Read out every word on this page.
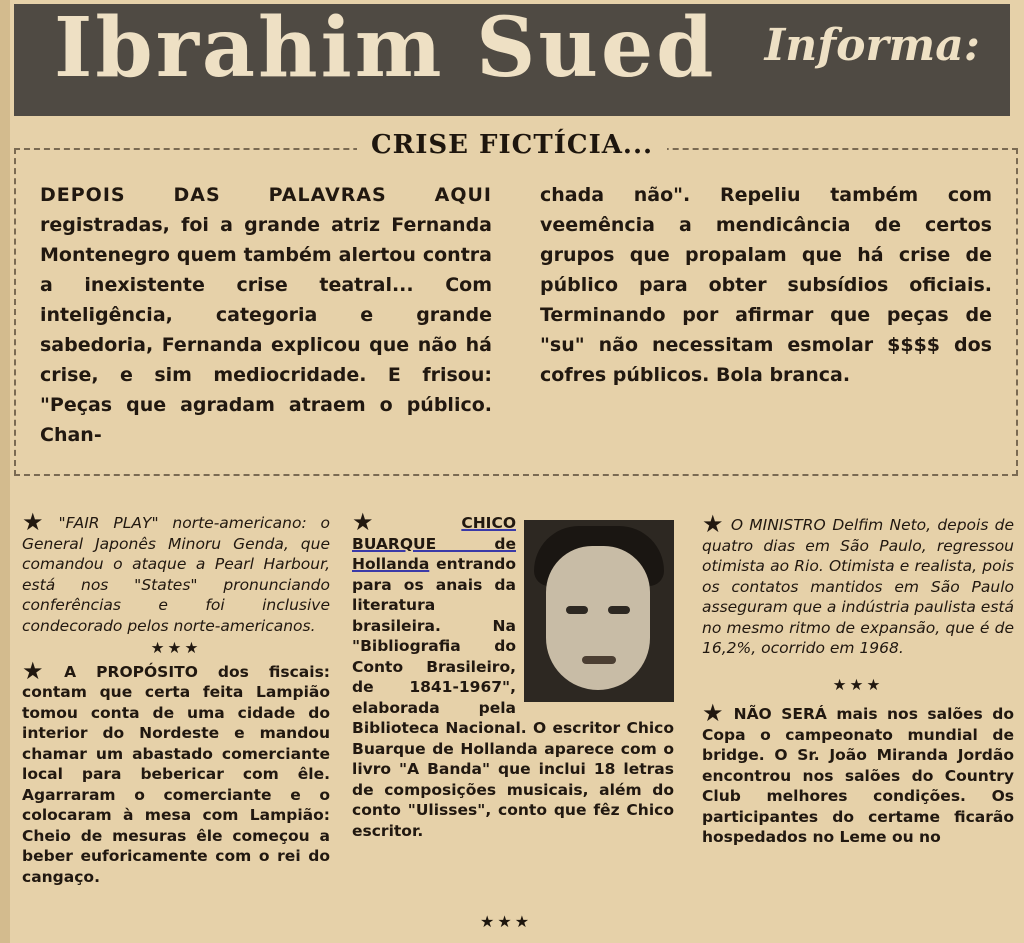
Ibrahim Sued Informa:
CRISE FICTÍCIA...
DEPOIS DAS PALAVRAS AQUI registradas, foi a grande atriz Fernanda Montenegro quem também alertou contra a inexistente crise teatral... Com inteligência, categoria e grande sabedoria, Fernanda explicou que não há crise, e sim mediocridade. E frisou: "Peças que agradam atraem o público. Chan-
chada não". Repeliu também com veemência a mendicância de certos grupos que propalam que há crise de público para obter subsídios oficiais. Terminando por afirmar que peças de "su" não necessitam esmolar $$$$ dos cofres públicos. Bola branca.
★ "FAIR PLAY" norte-americano: o General Japonês Minoru Genda, que comandou o ataque a Pearl Harbour, está nos "States" pronunciando conferências e foi inclusive condecorado pelos norte-americanos.
★★★
★ A PROPÓSITO dos fiscais: contam que certa feita Lampião tomou conta de uma cidade do interior do Nordeste e mandou chamar um abastado comerciante local para bebericar com êle. Agarraram o comerciante e o colocaram à mesa com Lampião: Cheio de mesuras êle começou a beber euforicamente com o rei do cangaço.
★ CHICO BUARQUE de Hollanda entrando para os anais da literatura brasileira. Na "Bibliografia do Conto Brasileiro, de 1841-1967", elaborada pela Biblioteca Nacional. O escritor Chico Buarque de Hollanda aparece com o livro "A Banda" que inclui 18 letras de composições musicais, além do conto "Ulisses", conto que fêz Chico escritor.
★★★
★ O MINISTRO Delfim Neto, depois de quatro dias em São Paulo, regressou otimista ao Rio. Otimista e realista, pois os contatos mantidos em São Paulo asseguram que a indústria paulista está no mesmo ritmo de expansão, que é de 16,2%, ocorrido em 1968.
★★★
★ NÃO SERÁ mais nos salões do Copa o campeonato mundial de bridge. O Sr. João Miranda Jordão encontrou nos salões do Country Club melhores condições. Os participantes do certame ficarão hospedados no Leme ou no
